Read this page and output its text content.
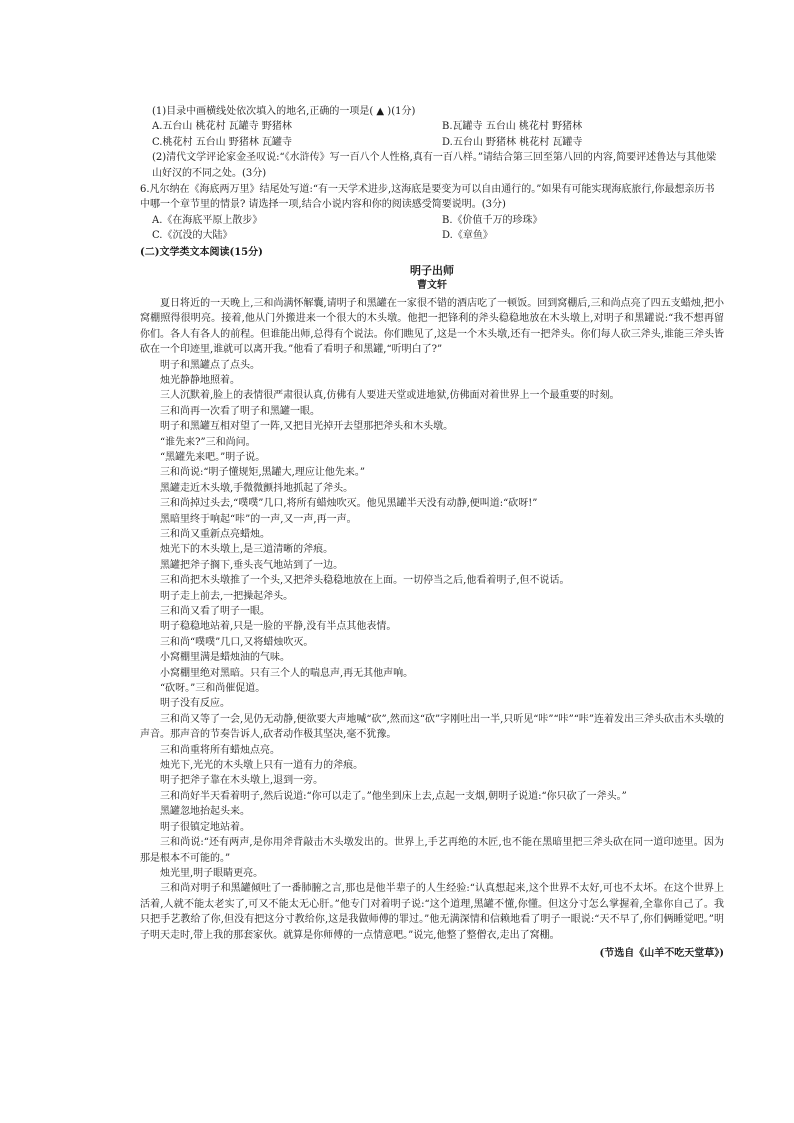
(1)目录中画横线处依次填入的地名,正确的一项是( ▲ )(1分)
A.五台山 桃花村 瓦罐寺 野猪林	B.瓦罐寺 五台山 桃花村 野猪林
C.桃花村 五台山 野猪林 瓦罐寺	D.五台山 野猪林 桃花村 瓦罐寺
(2)清代文学评论家金圣叹说:“《水浒传》写一百八个人性格,真有一百八样。”请结合第三回至第八回的内容,简要评述鲁达与其他梁山好汉的不同之处。(3分)
6.凡尔纳在《海底两万里》结尾处写道:“有一天学术进步,这海底是要变为可以自由通行的。”如果有可能实现海底旅行,你最想亲历书中哪一个章节里的情景? 请选择一项,结合小说内容和你的阅读感受简要说明。(3分)
A.《在海底平原上散步》	B.《价值千万的珍珠》
C.《沉没的大陆》	D.《章鱼》
(二)文学类文本阅读(15分)
明子出师
曹文轩

夏日将近的一天晚上,三和尚满怀解囊,请明子和黑罐在一家很不错的酒店吃了一顿饭。回到窝棚后,三和尚点亮了四五支蜡烛,把小窝棚照得很明亮。接着,他从门外搬进来一个很大的木头墩。他把一把锋利的斧头稳稳地放在木头墩上,对明子和黑罐说:“我不想再留你们。各人有各人的前程。但谁能出师,总得有个说法。你们瞧见了,这是一个木头墩,还有一把斧头。你们每人砍三斧头,谁能三斧头皆砍在一个印迹里,谁就可以离开我。”他看了看明子和黑罐,“听明白了?”

明子和黑罐点了点头。

烛光静静地照着。

三人沉默着,脸上的表情很严肃很认真,仿佛有人要进天堂或进地狱,仿佛面对着世界上一个最重要的时刻。

三和尚再一次看了明子和黑罐一眼。

明子和黑罐互相对望了一阵,又把目光掉开去望那把斧头和木头墩。

“谁先来?”三和尚问。

“黑罐先来吧。”明子说。

三和尚说:“明子懂规矩,黑罐大,理应让他先来。”

黑罐走近木头墩,手微微颤抖地抓起了斧头。

三和尚掉过头去,“噗噗”几口,将所有蜡烛吹灭。他见黑罐半天没有动静,便叫道:“砍呀!”

黑暗里终于响起“咔”的一声,又一声,再一声。

三和尚又重新点亮蜡烛。

烛光下的木头墩上,是三道清晰的斧痕。

黑罐把斧子搁下,垂头丧气地站到了一边。

三和尚把木头墩推了一个头,又把斧头稳稳地放在上面。一切停当之后,他看着明子,但不说话。

明子走上前去,一把操起斧头。

三和尚又看了明子一眼。

明子稳稳地站着,只是一脸的平静,没有半点其他表情。

三和尚“噗噗”几口,又将蜡烛吹灭。

小窝棚里满是蜡烛油的气味。

小窝棚里绝对黑暗。只有三个人的喘息声,再无其他声响。

“砍呀。”三和尚催促道。

明子没有反应。

三和尚又等了一会,见仍无动静,便欲要大声地喊“砍”,然而这“砍”字刚吐出一半,只听见“咔”“咔”“咔”连着发出三斧头砍击木头墩的声音。那声音的节奏告诉人,砍者动作极其坚决,毫不犹豫。

三和尚重将所有蜡烛点亮。

烛光下,光光的木头墩上只有一道有力的斧痕。

明子把斧子靠在木头墩上,退到一旁。

三和尚好半天看着明子,然后说道:“你可以走了。”他坐到床上去,点起一支烟,朝明子说道:“你只砍了一斧头。”

黑罐忽地抬起头来。

明子很镇定地站着。

三和尚说:“还有两声,是你用斧背敲击木头墩发出的。世界上,手艺再绝的木匠,也不能在黑暗里把三斧头砍在同一道印迹里。因为那是根本不可能的。”

烛光里,明子眼睛更亮。

三和尚对明子和黑罐倾吐了一番肺腑之言,那也是他半辈子的人生经验:“认真想起来,这个世界不太好,可也不太坏。在这个世界上活着,人就不能太老实了,可又不能太无心肝。”他专门对着明子说:“这个道理,黑罐不懂,你懂。但这分寸怎么掌握着,全靠你自己了。我只把手艺教给了你,但没有把这分寸教给你,这是我做师傅的罪过。”他无满深情和信赖地看了明子一眼说:“天不早了,你们俩睡觉吧。”明子明天走时,带上我的那套家伙。就算是你师傅的一点情意吧。”说完,他整了整僧衣,走出了窝棚。

(节选自《山羊不吃天堂草》)
